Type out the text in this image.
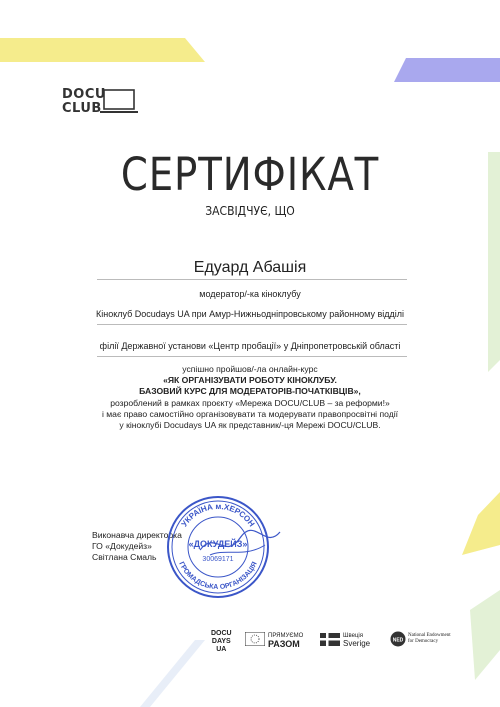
DOCU
CLUB
СЕРТИФІКАТ
ЗАСВІДЧУЄ, ЩО
Едуард Абашія
модератор/-ка кіноклубу
Кіноклуб Docudays UA при Амур-Нижньодніпровському районному відділі
філії Державної установи «Центр пробації» у Дніпропетровській області
успішно пройшов/-ла онлайн-курс
«ЯК ОРГАНІЗУВАТИ РОБОТУ КІНОКЛУБУ.
БАЗОВИЙ КУРС ДЛЯ МОДЕРАТОРІВ-ПОЧАТКІВЦІВ»,
розроблений в рамках проєкту «Мережа DOCU/CLUB – за реформи!»
і має право самостійно організовувати та модерувати правопросвітні події
у кіноклубі Docudays UA як представник/-ця Мережі DOCU/CLUB.
Виконавча директорка
ГО «Докудейз»
Світлана Смаль
УКРАЇНА м.ХЕРСОН
ГРОМАДСЬКА ОРГАНІЗАЦІЯ
«ДОКУДЕЙЗ»
30069171
DOCU
DAYS
UA
ПРЯМУЄМО
РАЗОМ
Швеція
Sverige	NED
National Endowment
for Democracy
